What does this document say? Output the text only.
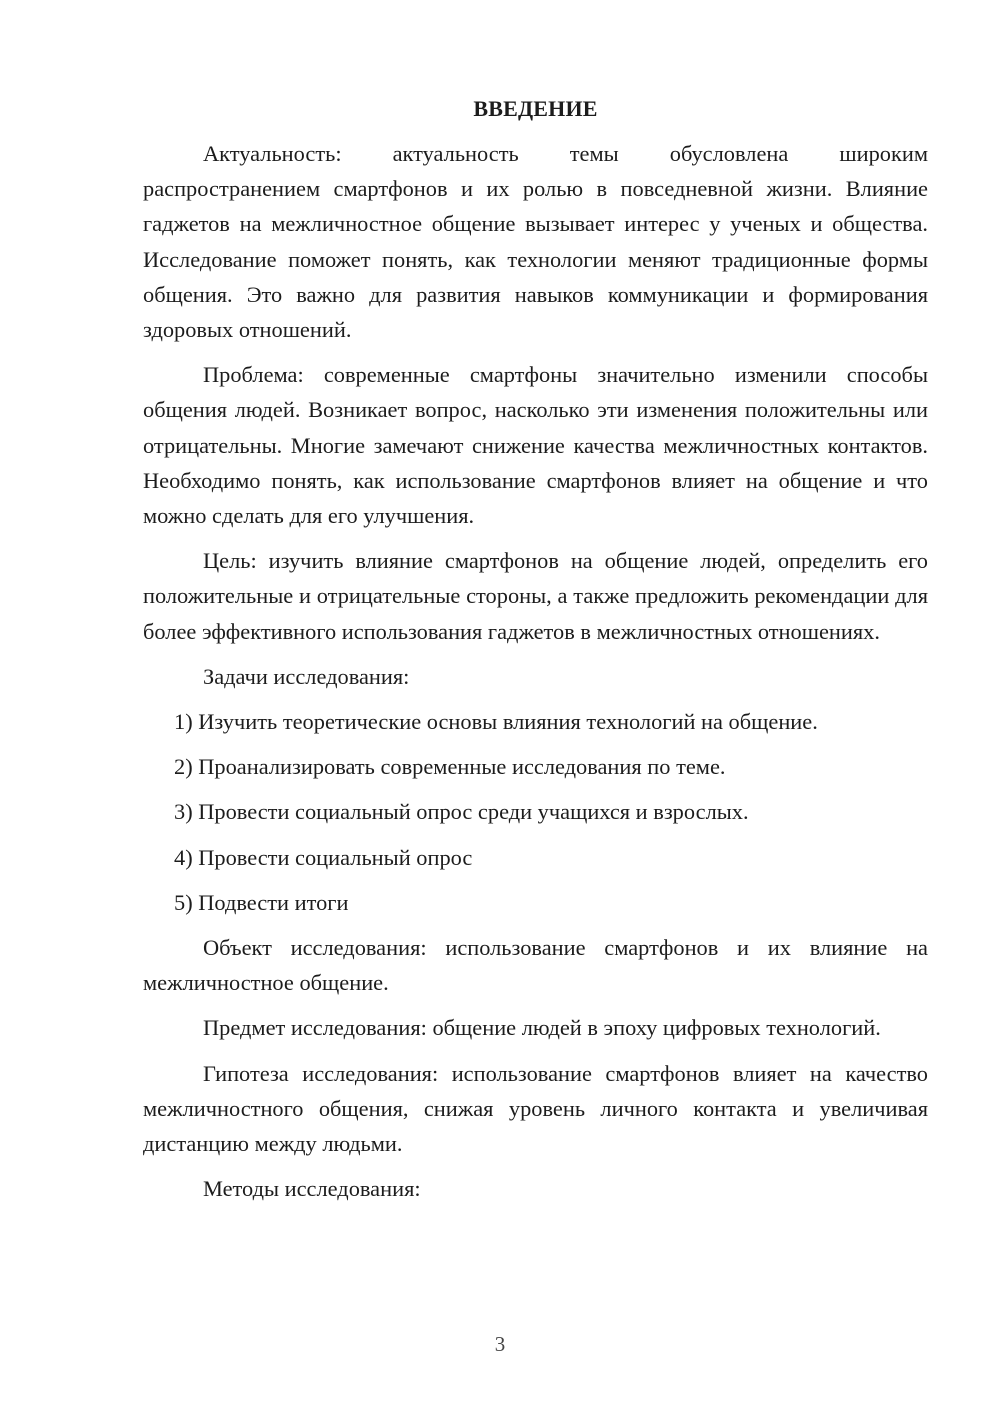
ВВЕДЕНИЕ

Актуальность: актуальность темы обусловлена широким распространением смартфонов и их ролью в повседневной жизни. Влияние гаджетов на межличностное общение вызывает интерес у ученых и общества. Исследование поможет понять, как технологии меняют традиционные формы общения. Это важно для развития навыков коммуникации и формирования здоровых отношений.

Проблема: современные смартфоны значительно изменили способы общения людей. Возникает вопрос, насколько эти изменения положительны или отрицательны. Многие замечают снижение качества межличностных контактов. Необходимо понять, как использование смартфонов влияет на общение и что можно сделать для его улучшения.

Цель: изучить влияние смартфонов на общение людей, определить его положительные и отрицательные стороны, а также предложить рекомендации для более эффективного использования гаджетов в межличностных отношениях.

Задачи исследования:

1) Изучить теоретические основы влияния технологий на общение.
2) Проанализировать современные исследования по теме.
3) Провести социальный опрос среди учащихся и взрослых.
4) Провести социальный опрос
5) Подвести итоги

Объект исследования: использование смартфонов и их влияние на межличностное общение.

Предмет исследования: общение людей в эпоху цифровых технологий.

Гипотеза исследования: использование смартфонов влияет на качество межличностного общения, снижая уровень личного контакта и увеличивая дистанцию между людьми.

Методы исследования:

3
